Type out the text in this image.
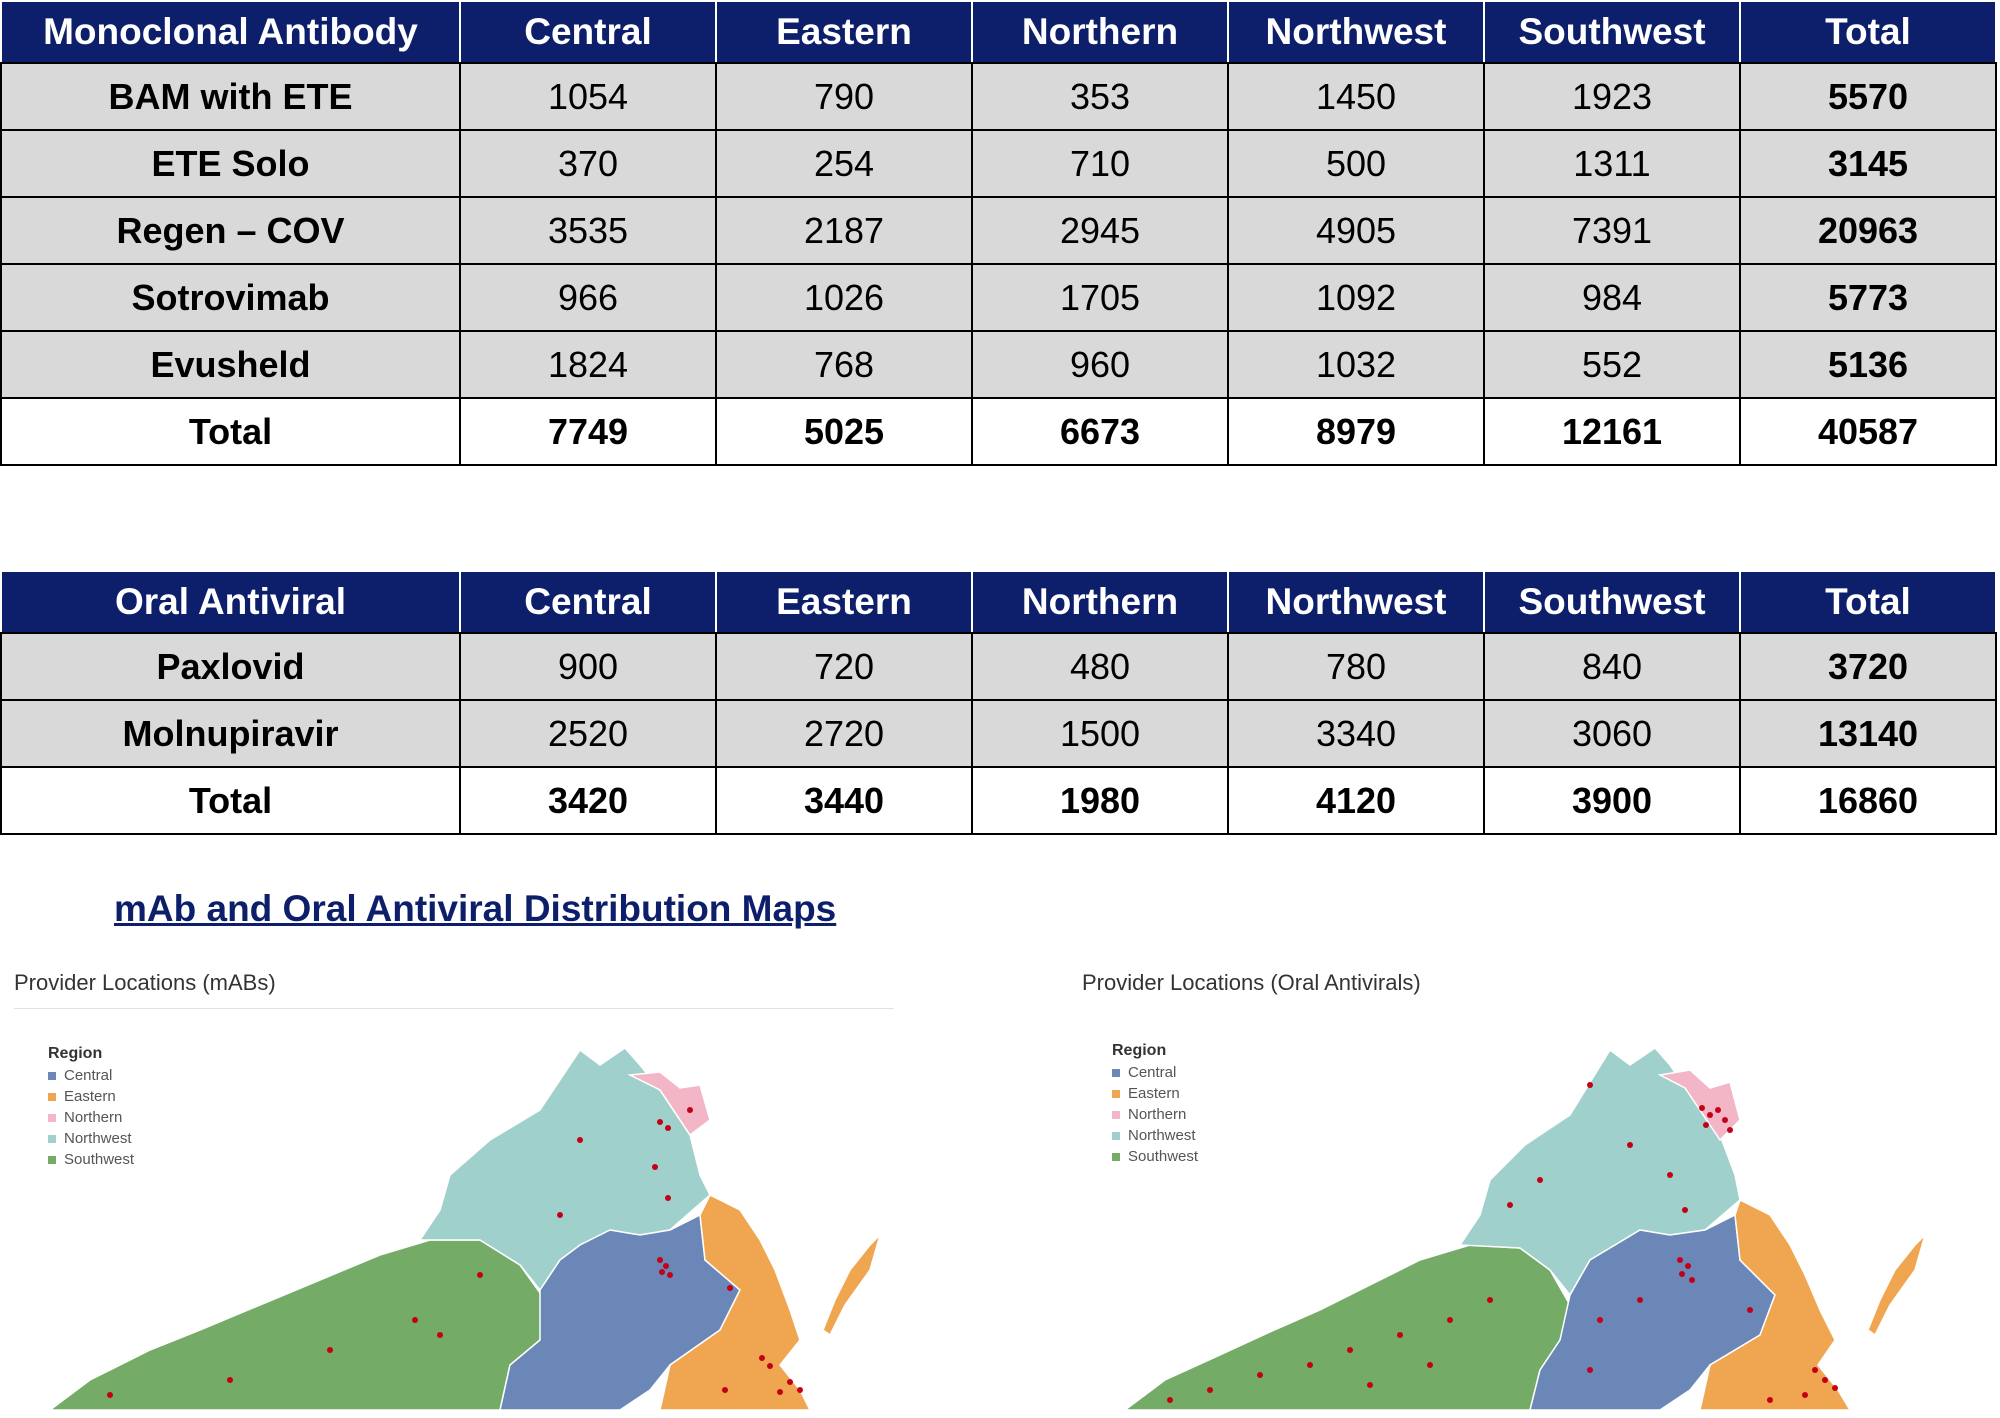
Monoclonal Antibody	Central	Eastern	Northern	Northwest	Southwest	Total
BAM with ETE	1054	790	353	1450	1923	5570
ETE Solo	370	254	710	500	1311	3145
Regen – COV	3535	2187	2945	4905	7391	20963
Sotrovimab	966	1026	1705	1092	984	5773
Evusheld	1824	768	960	1032	552	5136
Total	7749	5025	6673	8979	12161	40587
Oral Antiviral	Central	Eastern	Northern	Northwest	Southwest	Total
Paxlovid	900	720	480	780	840	3720
Molnupiravir	2520	2720	1500	3340	3060	13140
Total	3420	3440	1980	4120	3900	16860
mAb and Oral Antiviral Distribution Maps
Provider Locations (mABs)
Region
Central
Eastern
Northern
Northwest
Southwest
Provider Locations (Oral Antivirals)
Region
Central
Eastern
Northern
Northwest
Southwest
